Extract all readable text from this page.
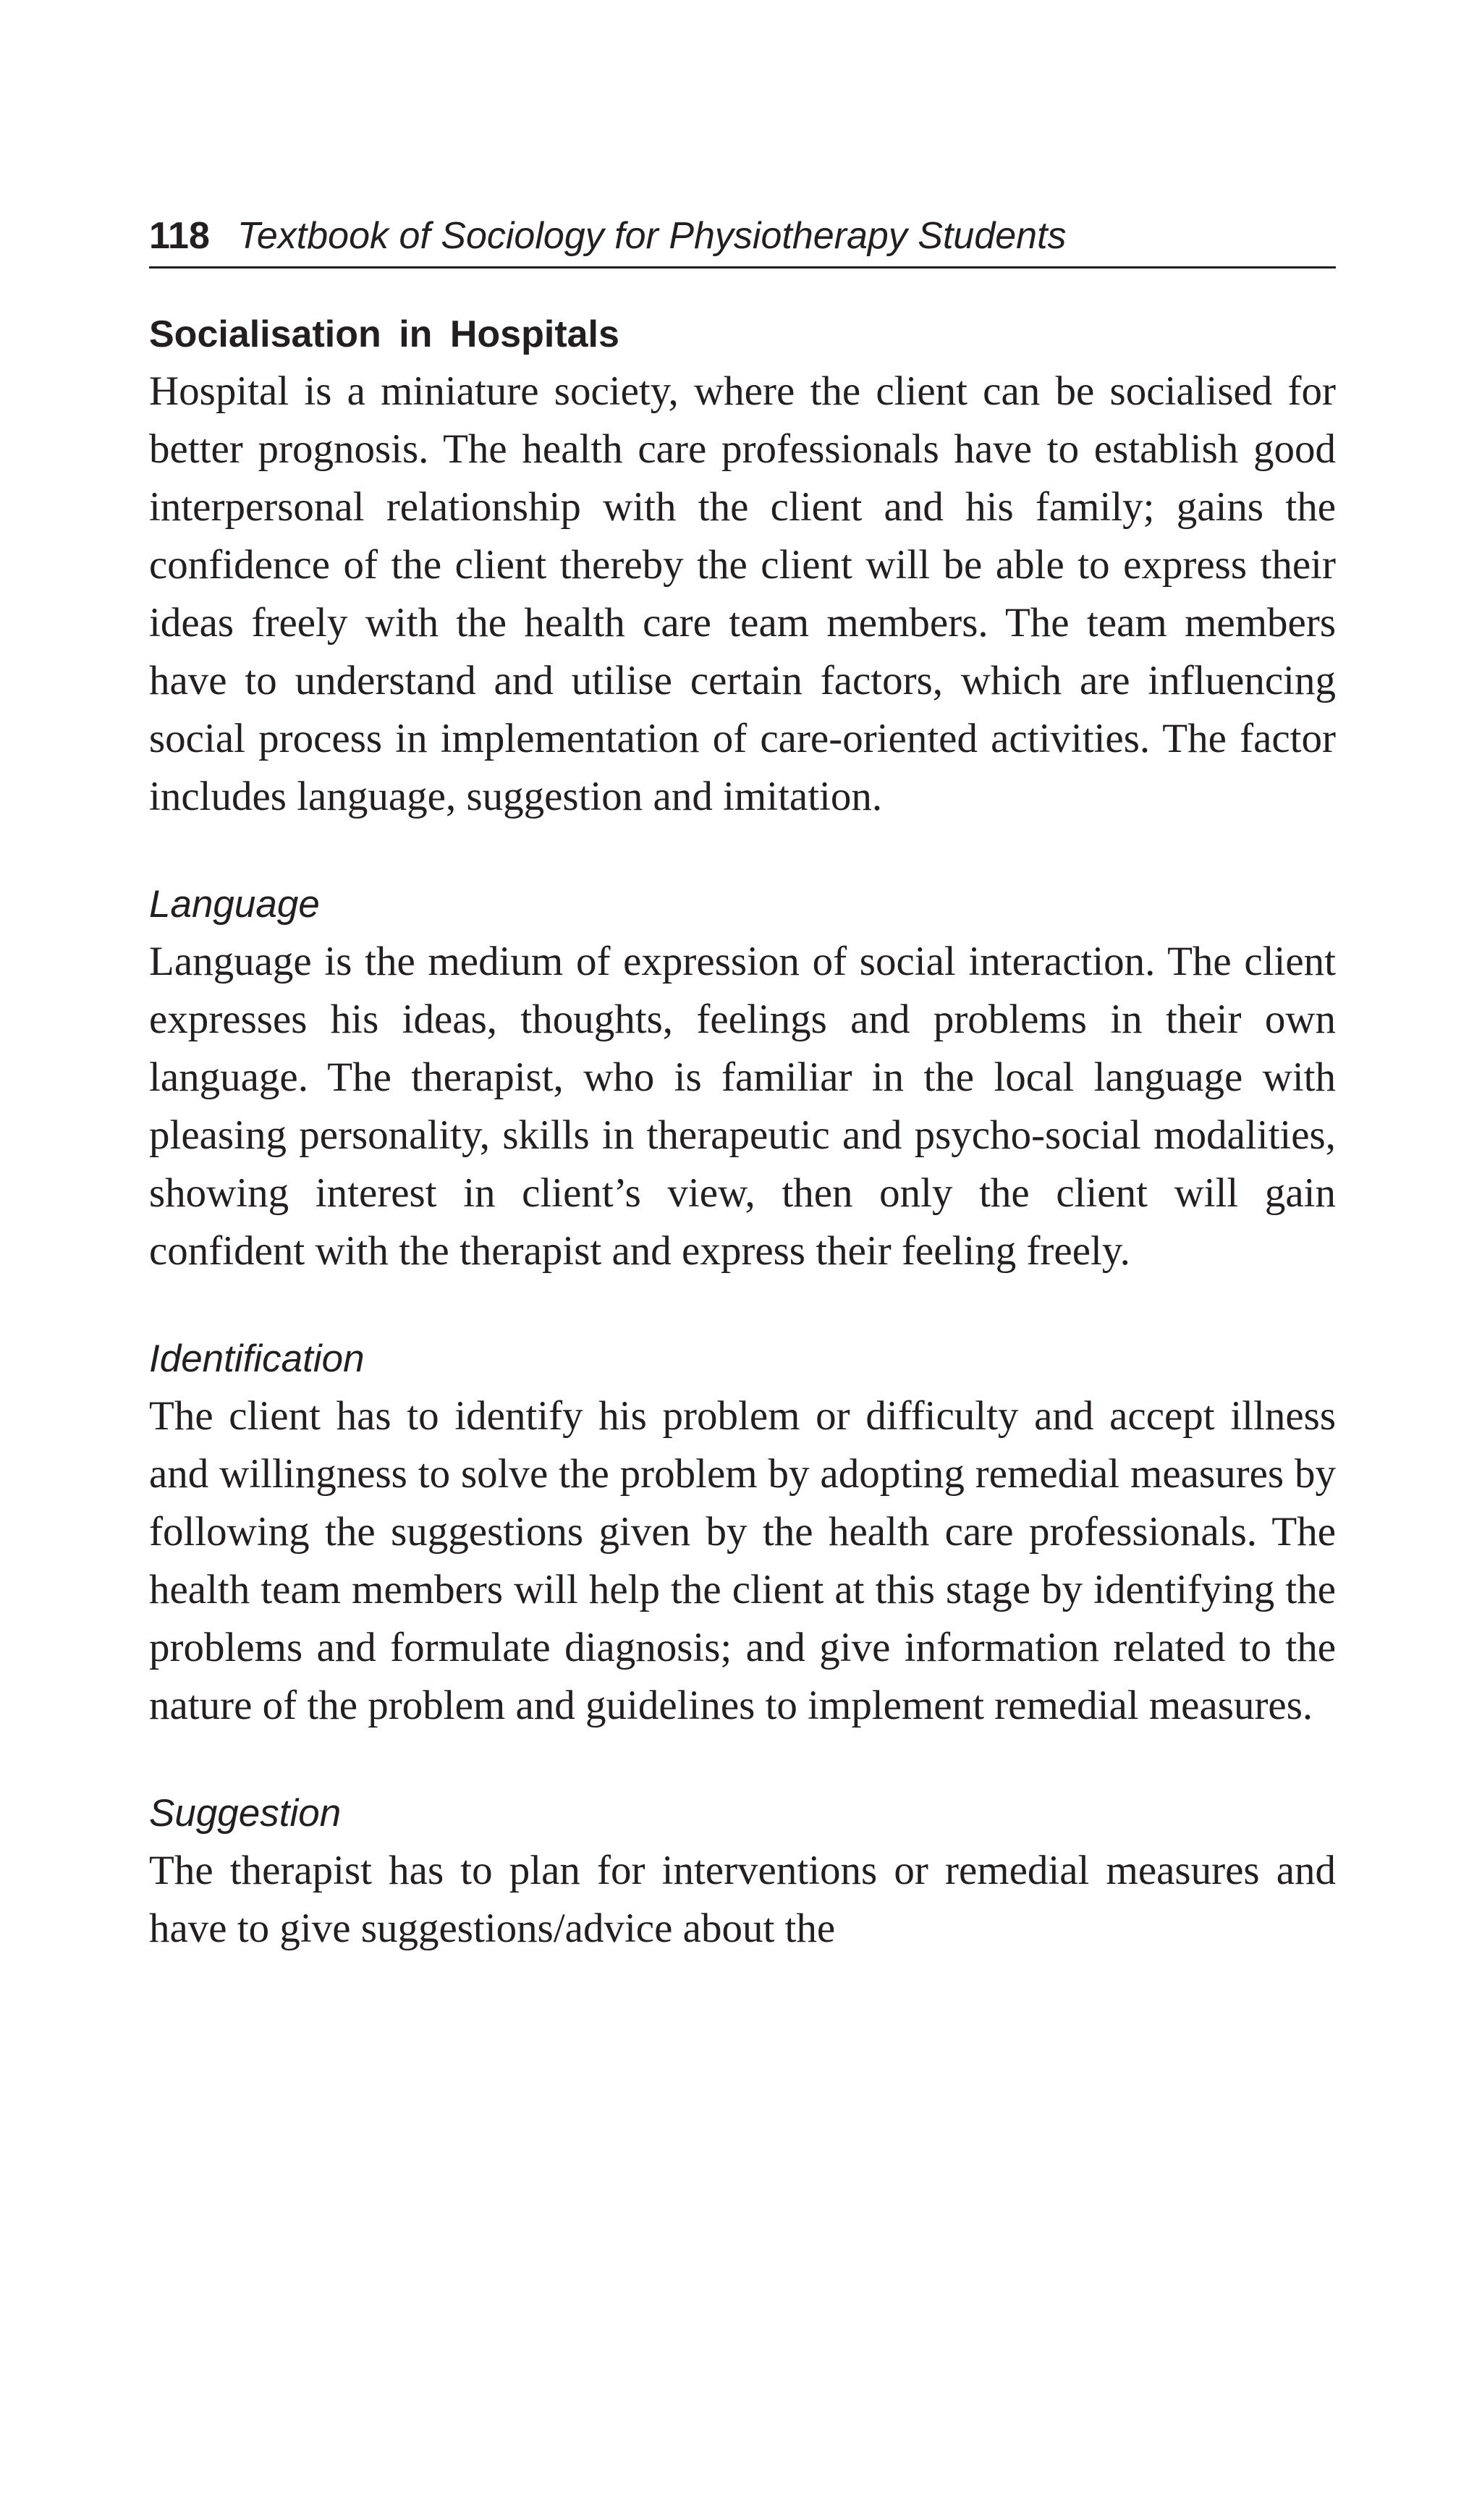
118 Textbook of Sociology for Physiotherapy Students
Socialisation in Hospitals

Hospital is a miniature society, where the client can be socialised for better prognosis. The health care professionals have to establish good interpersonal relationship with the client and his family; gains the confidence of the client thereby the client will be able to express their ideas freely with the health care team members. The team members have to understand and utilise certain factors, which are influencing social process in implementation of care-oriented activities. The factor includes language, suggestion and imitation.

Language

Language is the medium of expression of social interaction. The client expresses his ideas, thoughts, feelings and problems in their own language. The therapist, who is familiar in the local language with pleasing personality, skills in therapeutic and psycho-social modalities, showing interest in client’s view, then only the client will gain confident with the therapist and express their feeling freely.

Identification

The client has to identify his problem or difficulty and accept illness and willingness to solve the problem by adopting remedial measures by following the suggestions given by the health care professionals. The health team members will help the client at this stage by identifying the problems and formulate diagnosis; and give information related to the nature of the problem and guidelines to implement remedial measures.

Suggestion

The therapist has to plan for interventions or remedial measures and have to give suggestions/advice about the
